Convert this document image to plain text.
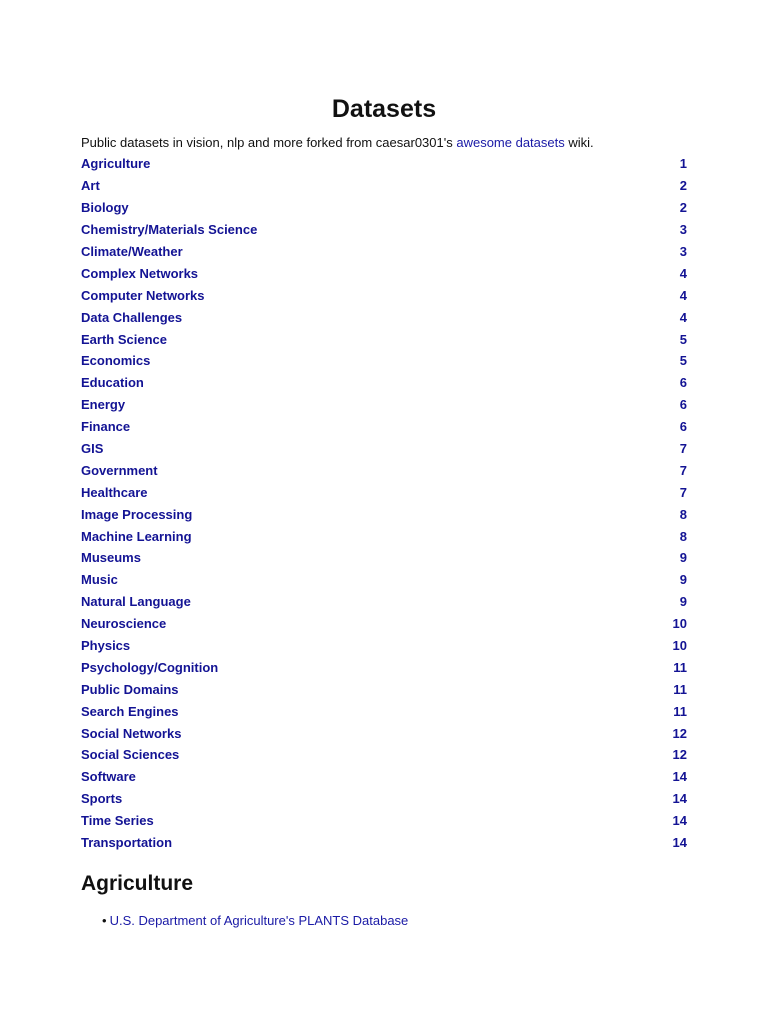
Datasets

Public datasets in vision, nlp and more forked from caesar0301's awesome datasets wiki.

Agriculture	1
Art	2
Biology	2
Chemistry/Materials Science	3
Climate/Weather	3
Complex Networks	4
Computer Networks	4
Data Challenges	4
Earth Science	5
Economics	5
Education	6
Energy	6
Finance	6
GIS	7
Government	7
Healthcare	7
Image Processing	8
Machine Learning	8
Museums	9
Music	9
Natural Language	9
Neuroscience	10
Physics	10
Psychology/Cognition	11
Public Domains	11
Search Engines	11
Social Networks	12
Social Sciences	12
Software	14
Sports	14
Time Series	14
Transportation	14
Agriculture
• U.S. Department of Agriculture's PLANTS Database
